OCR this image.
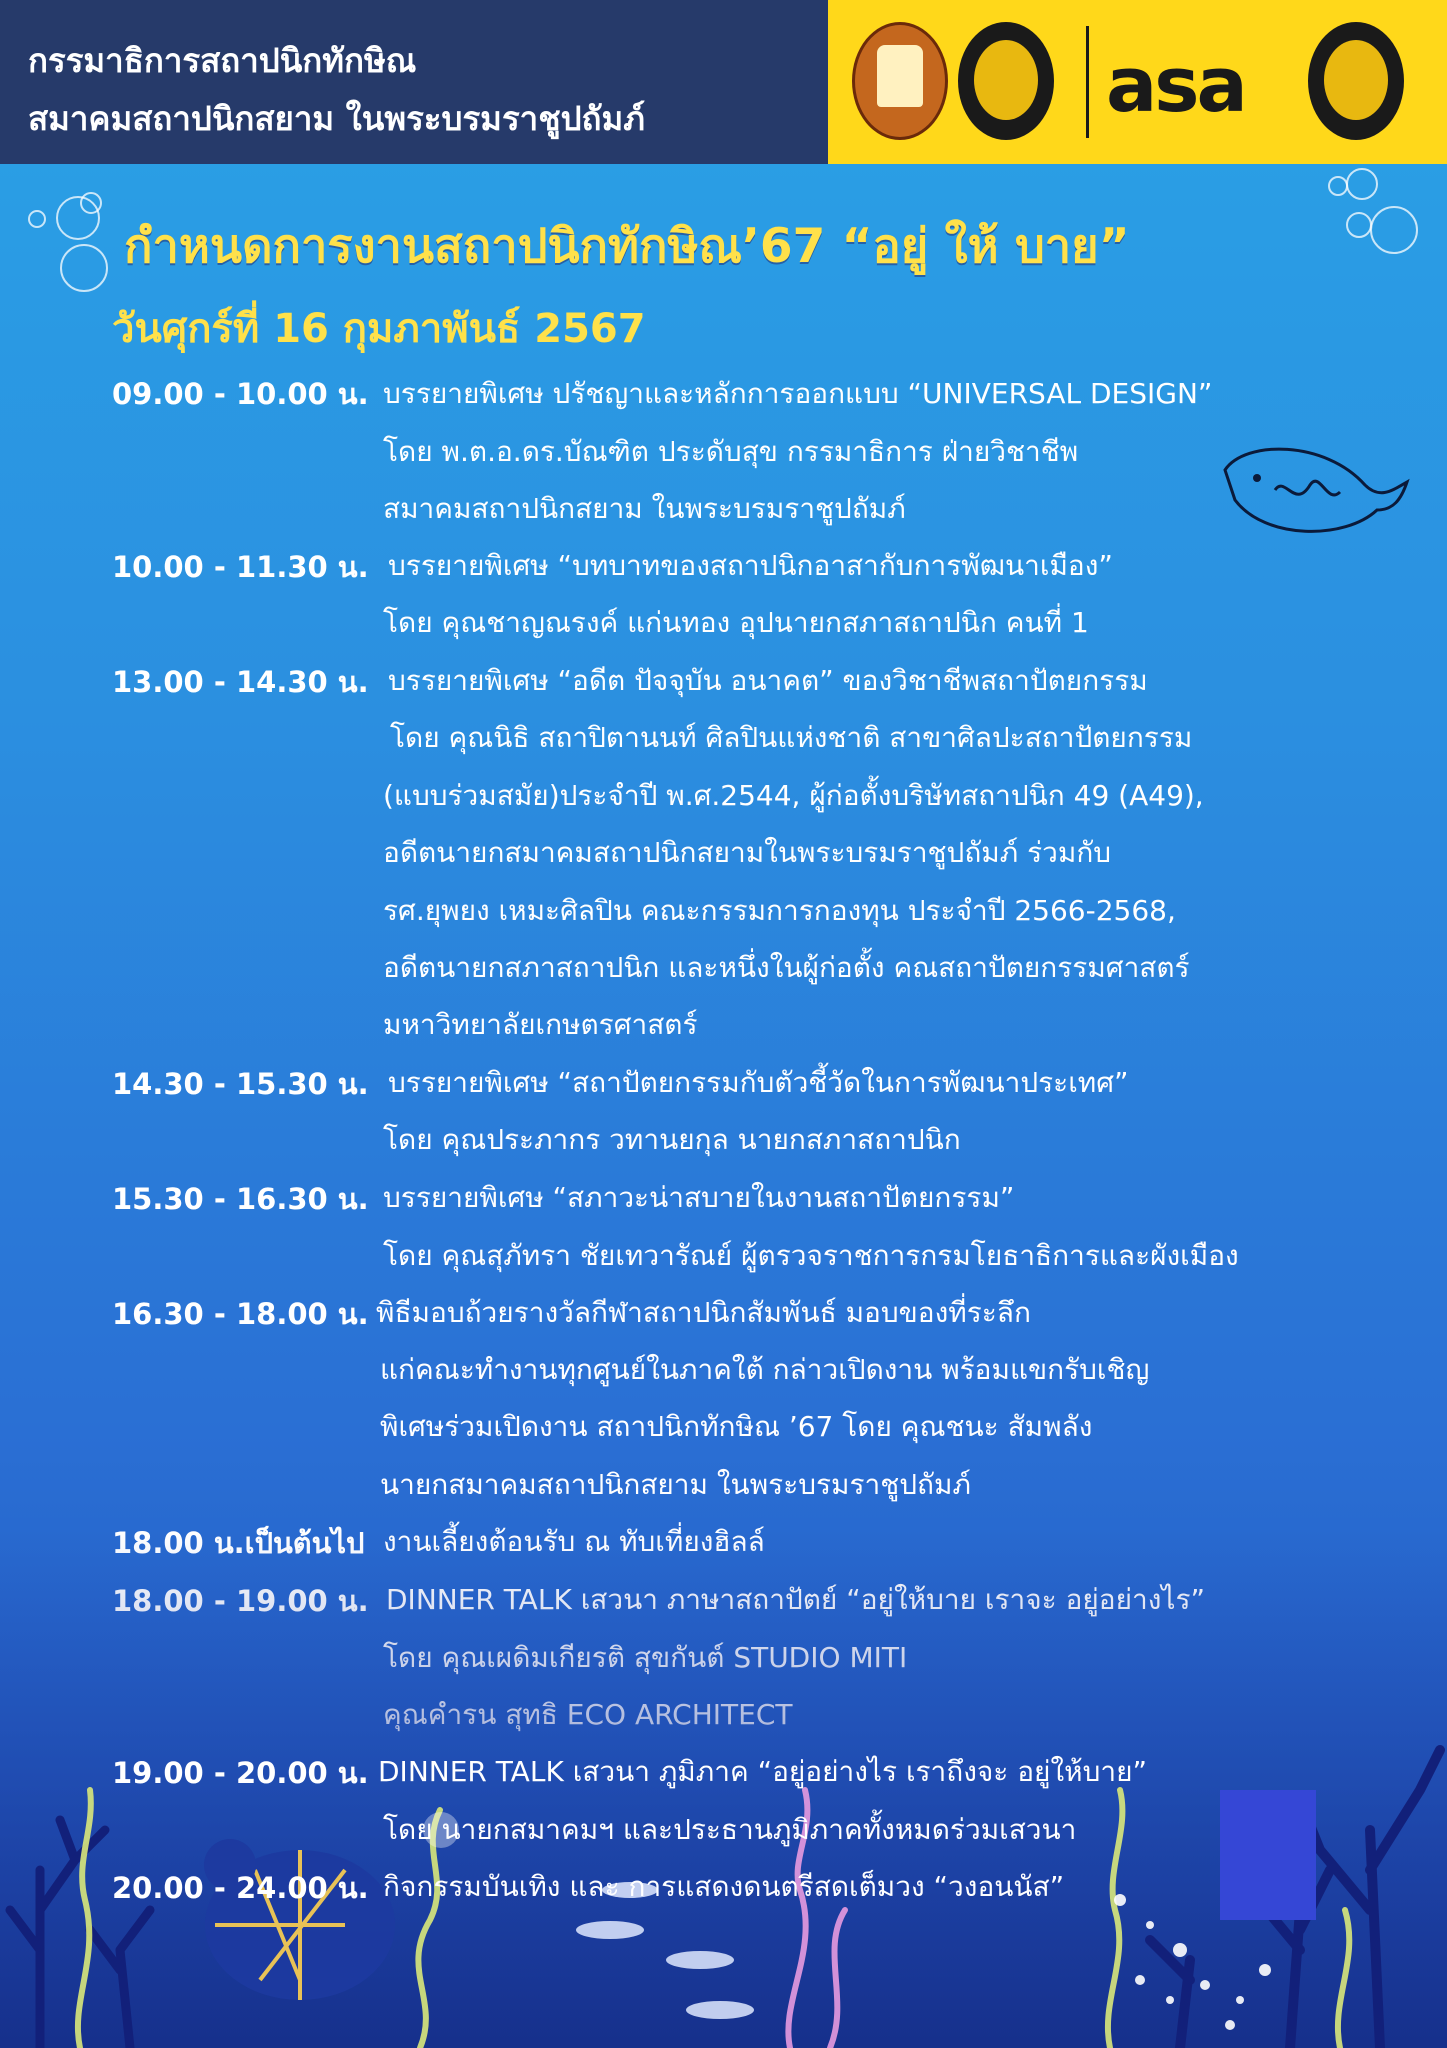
กรรมาธิการสถาปนิกทักษิณ
สมาคมสถาปนิกสยาม ในพระบรมราชูปถัมภ์	asa
กำหนดการงานสถาปนิกทักษิณ’67 “อยู่ ให้ บาย”
วันศุกร์ที่ 16 กุมภาพันธ์ 2567
09.00 - 10.00 น. บรรยายพิเศษ ปรัชญาและหลักการออกแบบ “UNIVERSAL DESIGN”
โดย พ.ต.อ.ดร.บัณฑิต ประดับสุข กรรมาธิการ ฝ่ายวิชาชีพ
สมาคมสถาปนิกสยาม ในพระบรมราชูปถัมภ์
10.00 - 11.30 น. บรรยายพิเศษ “บทบาทของสถาปนิกอาสากับการพัฒนาเมือง”
โดย คุณชาญณรงค์ แก่นทอง อุปนายกสภาสถาปนิก คนที่ 1
13.00 - 14.30 น. บรรยายพิเศษ “อดีต ปัจจุบัน อนาคต” ของวิชาชีพสถาปัตยกรรม
โดย คุณนิธิ สถาปิตานนท์ ศิลปินแห่งชาติ สาขาศิลปะสถาปัตยกรรม
(แบบร่วมสมัย)ประจำปี พ.ศ.2544, ผู้ก่อตั้งบริษัทสถาปนิก 49 (A49),
อดีตนายกสมาคมสถาปนิกสยามในพระบรมราชูปถัมภ์ ร่วมกับ
รศ.ยุพยง เหมะศิลปิน คณะกรรมการกองทุน ประจำปี 2566-2568,
อดีตนายกสภาสถาปนิก และหนึ่งในผู้ก่อตั้ง คณสถาปัตยกรรมศาสตร์
มหาวิทยาลัยเกษตรศาสตร์
14.30 - 15.30 น. บรรยายพิเศษ “สถาปัตยกรรมกับตัวชี้วัดในการพัฒนาประเทศ”
โดย คุณประภากร วทานยกุล นายกสภาสถาปนิก
15.30 - 16.30 น. บรรยายพิเศษ “สภาวะน่าสบายในงานสถาปัตยกรรม”
โดย คุณสุภัทรา ชัยเทวารัณย์ ผู้ตรวจราชการกรมโยธาธิการและผังเมือง
16.30 - 18.00 น. พิธีมอบถ้วยรางวัลกีฬาสถาปนิกสัมพันธ์ มอบของที่ระลึก
แก่คณะทำงานทุกศูนย์ในภาคใต้ กล่าวเปิดงาน พร้อมแขกรับเชิญ
พิเศษร่วมเปิดงาน สถาปนิกทักษิณ ’67 โดย คุณชนะ สัมพลัง
นายกสมาคมสถาปนิกสยาม ในพระบรมราชูปถัมภ์
19.00 - 20.00 น. DINNER TALK เสวนา ภูมิภาค “อยู่อย่างไร เราถึงจะ อยู่ให้บาย”
โดย นายกสมาคมฯ และประธานภูมิภาคทั้งหมดร่วมเสวนา
20.00 - 24.00 น. กิจกรรมบันเทิง และ การแสดงดนตรีสดเต็มวง “วงอนนัส”
